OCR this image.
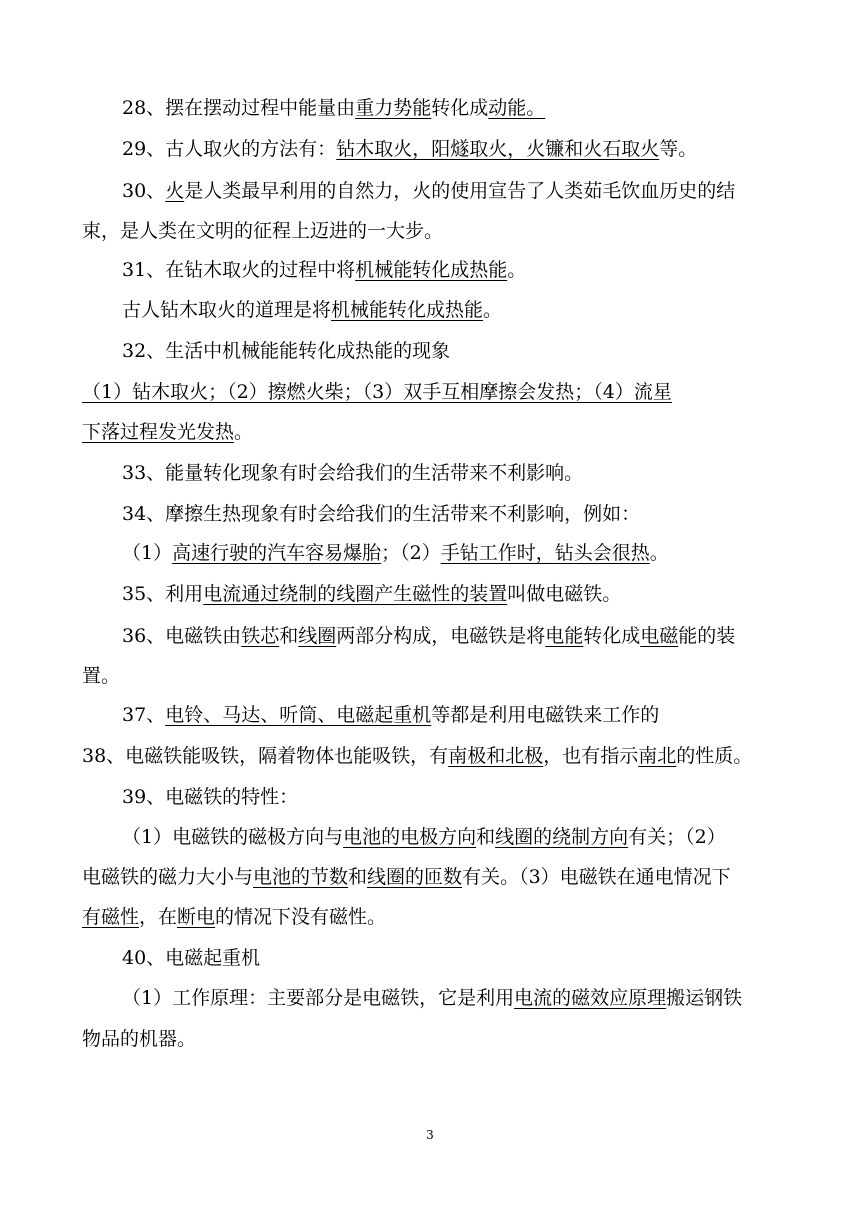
28、摆在摆动过程中能量由重力势能转化成动能。
29、古人取火的方法有：钻木取火，阳燧取火，火镰和火石取火等。
30、火是人类最早利用的自然力，火的使用宣告了人类茹毛饮血历史的结
束，是人类在文明的征程上迈进的一大步。
31、在钻木取火的过程中将机械能转化成热能。
古人钻木取火的道理是将机械能转化成热能。
32、生活中机械能能转化成热能的现象
（1）钻木取火；（2）擦燃火柴；（3）双手互相摩擦会发热；（4）流星
下落过程发光发热。
33、能量转化现象有时会给我们的生活带来不利影响。
34、摩擦生热现象有时会给我们的生活带来不利影响，例如：
（1）高速行驶的汽车容易爆胎；（2）手钻工作时，钻头会很热。
35、利用电流通过绕制的线圈产生磁性的装置叫做电磁铁。
36、电磁铁由铁芯和线圈两部分构成，电磁铁是将电能转化成电磁能的装
置。
37、电铃、马达、听筒、电磁起重机等都是利用电磁铁来工作的
38、电磁铁能吸铁，隔着物体也能吸铁，有南极和北极，也有指示南北的性质。
39、电磁铁的特性：
（1）电磁铁的磁极方向与电池的电极方向和线圈的绕制方向有关；（2）
电磁铁的磁力大小与电池的节数和线圈的匝数有关。（3）电磁铁在通电情况下
有磁性，在断电的情况下没有磁性。
40、电磁起重机
（1）工作原理：主要部分是电磁铁，它是利用电流的磁效应原理搬运钢铁
物品的机器。
3
